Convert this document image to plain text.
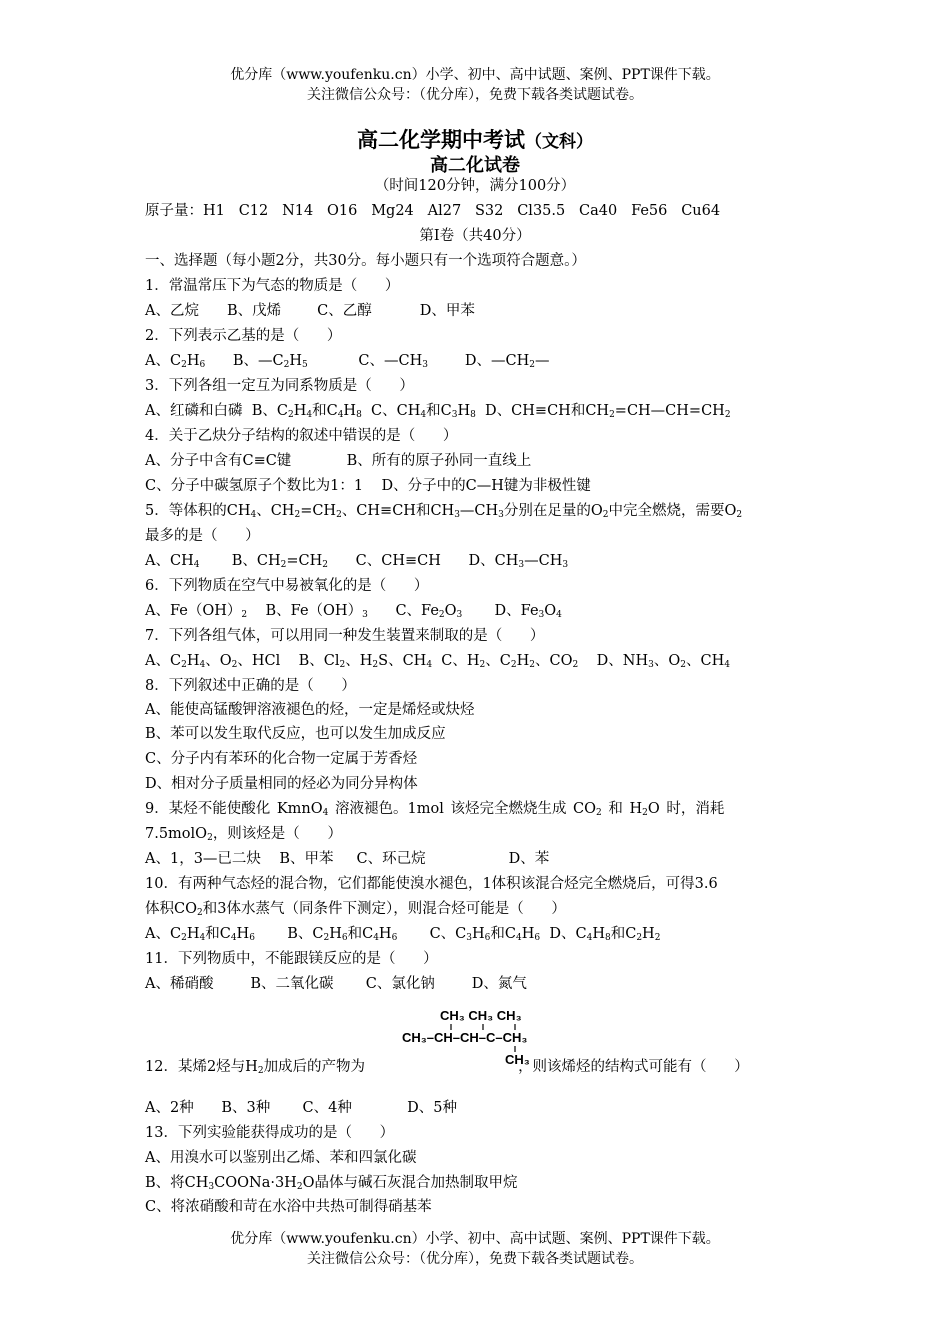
优分库（www.youfenku.cn）小学、初中、高中试题、案例、PPT课件下载。
关注微信公众号：（优分库），免费下载各类试题试卷。
高二化学期中考试（文科）
高二化试卷
（时间120分钟，满分100分）
原子量：H1   C12   N14   O16   Mg24   Al27   S32   Cl35.5   Ca40   Fe56   Cu64
第Ⅰ卷（共40分）
一、选择题（每小题2分，共30分。每小题只有一个选项符合题意。）
1．常温常压下为气态的物质是（      ）
A、乙烷 B、戊烯 C、乙醇	D、甲苯
2．下列表示乙基的是（      ）
A、$C_2H_6$      B、$—C_2H_5$           C、$—CH_3$        D、$—CH_2—$
3．下列各组一定互为同系物质是（      ）
A、红磷和白磷  B、$C_2H_4$和$C_4H_8$  C、$CH_4$和$C_3H_8$  D、CH≡CH和$CH_2=CH—CH=CH_2$
4．关于乙炔分子结构的叙述中错误的是（      ）
A、分子中含有C≡C键            B、所有的原子孙同一直线上
C、分子中碳氢原子个数比为1：1    D、分子中的C—H键为非极性键
5．等体积的$CH_4$、$CH_2=CH_2$、CH≡CH和$CH_3—CH_3$分别在足量的$O_2$中完全燃烧，需要$O_2$
最多的是（      ）
A、$CH_4$       B、$CH_2=CH_2$      C、CH≡CH      D、$CH_3—CH_3$
6．下列物质在空气中易被氧化的是（      ）
A、$Fe(OH)_2$    B、$Fe(OH)_3$      C、$Fe_2O_3$       D、$Fe_3O_4$
7．下列各组气体，可以用同一种发生装置来制取的是（      ）
A、$C_2H_4$、$O_2$、HCl    B、$Cl_2$、$H_2S$、$CH_4$  C、$H_2$、$C_2H_2$、$CO_2$    D、$NH_3$、$O_2$、$CH_4$
8．下列叙述中正确的是（      ）
A、能使高锰酸钾溶液褪色的烃，一定是烯烃或炔烃
B、苯可以发生取代反应，也可以发生加成反应
C、分子内有苯环的化合物一定属于芳香烃
D、相对分子质量相同的烃必为同分异构体
9．某烃不能使酸化 KmnO$_4$ 溶液褪色。1mol 该烃完全燃烧生成 $CO_2$ 和 $H_2O$ 时，消耗
7.5molO$_2$，则该烃是（      ）
A、1，3—已二炔    B、甲苯     C、环己烷                  D、苯
10．有两种气态烃的混合物，它们都能使溴水褪色，1体积该混合烃完全燃烧后，可得3.6
体积$CO_2$和3体水蒸气（同条件下测定），则混合烃可能是（      ）
A、$C_2H_4$和$C_4H_6$       B、$C_2H_6$和$C_4H_6$       C、$C_3H_6$和$C_4H_6$  D、$C_4H_8$和$C_2H_2$
11．下列物质中，不能跟镁反应的是（      ）
A、稀硝酸        B、二氧化碳       C、氯化钠        D、氮气
CH₃ CH₃ CH₃
CH₃–CH–CH–C–CH₃
CH₃
12．某烯2烃与$H_2$加成后的产物为	，则该烯烃的结构式可能有（      ）
A、2种      B、3种       C、4种            D、5种
13．下列实验能获得成功的是（      ）
A、用溴水可以鉴别出乙烯、苯和四氯化碳
B、将$CH_3COONa\cdot 3H_2O$晶体与碱石灰混合加热制取甲烷
C、将浓硝酸和苛在水浴中共热可制得硝基苯
优分库（www.youfenku.cn）小学、初中、高中试题、案例、PPT课件下载。
关注微信公众号：（优分库），免费下载各类试题试卷。
